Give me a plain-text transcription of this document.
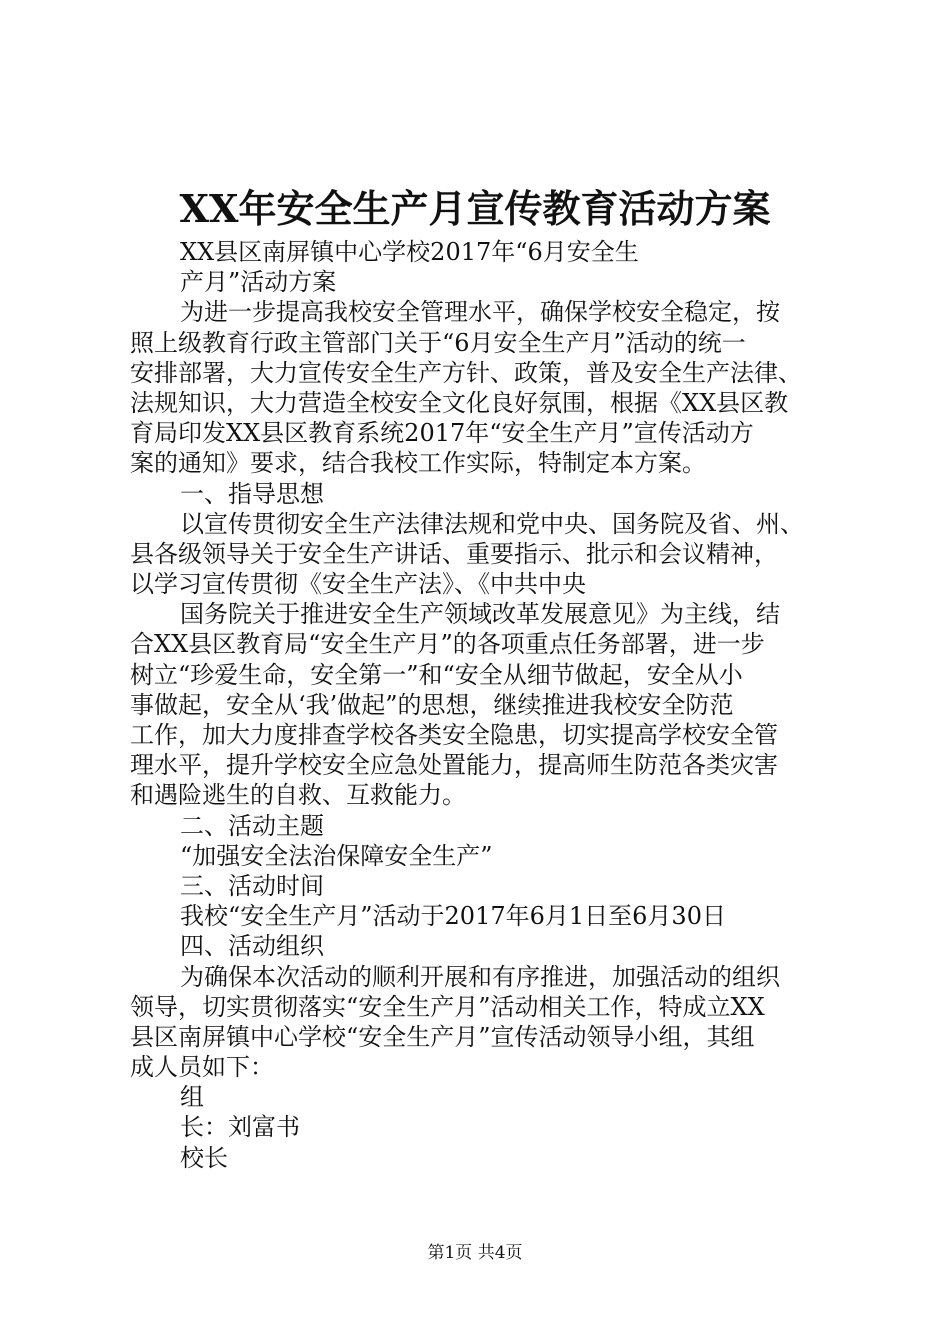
XX年安全生产月宣传教育活动方案
XX县区南屏镇中心学校2017年“6月安全生
产月”活动方案
为进一步提高我校安全管理水平，确保学校安全稳定，按
照上级教育行政主管部门关于“6月安全生产月”活动的统一
安排部署，大力宣传安全生产方针、政策，普及安全生产法律、
法规知识，大力营造全校安全文化良好氛围，根据《XX县区教
育局印发XX县区教育系统2017年“安全生产月”宣传活动方
案的通知》要求，结合我校工作实际，特制定本方案。
一、指导思想
以宣传贯彻安全生产法律法规和党中央、国务院及省、州、
县各级领导关于安全生产讲话、重要指示、批示和会议精神，
以学习宣传贯彻《安全生产法》、《中共中央
国务院关于推进安全生产领域改革发展意见》为主线，结
合XX县区教育局“安全生产月”的各项重点任务部署，进一步
树立“珍爱生命，安全第一”和“安全从细节做起，安全从小
事做起，安全从‘我’做起”的思想，继续推进我校安全防范
工作，加大力度排查学校各类安全隐患，切实提高学校安全管
理水平，提升学校安全应急处置能力，提高师生防范各类灾害
和遇险逃生的自救、互救能力。
二、活动主题
“加强安全法治保障安全生产”
三、活动时间
我校“安全生产月”活动于2017年6月1日至6月30日
四、活动组织
为确保本次活动的顺利开展和有序推进，加强活动的组织
领导，切实贯彻落实“安全生产月”活动相关工作，特成立XX
县区南屏镇中心学校“安全生产月”宣传活动领导小组，其组
成人员如下：
组
长：刘富书
校长
第1页 共4页
